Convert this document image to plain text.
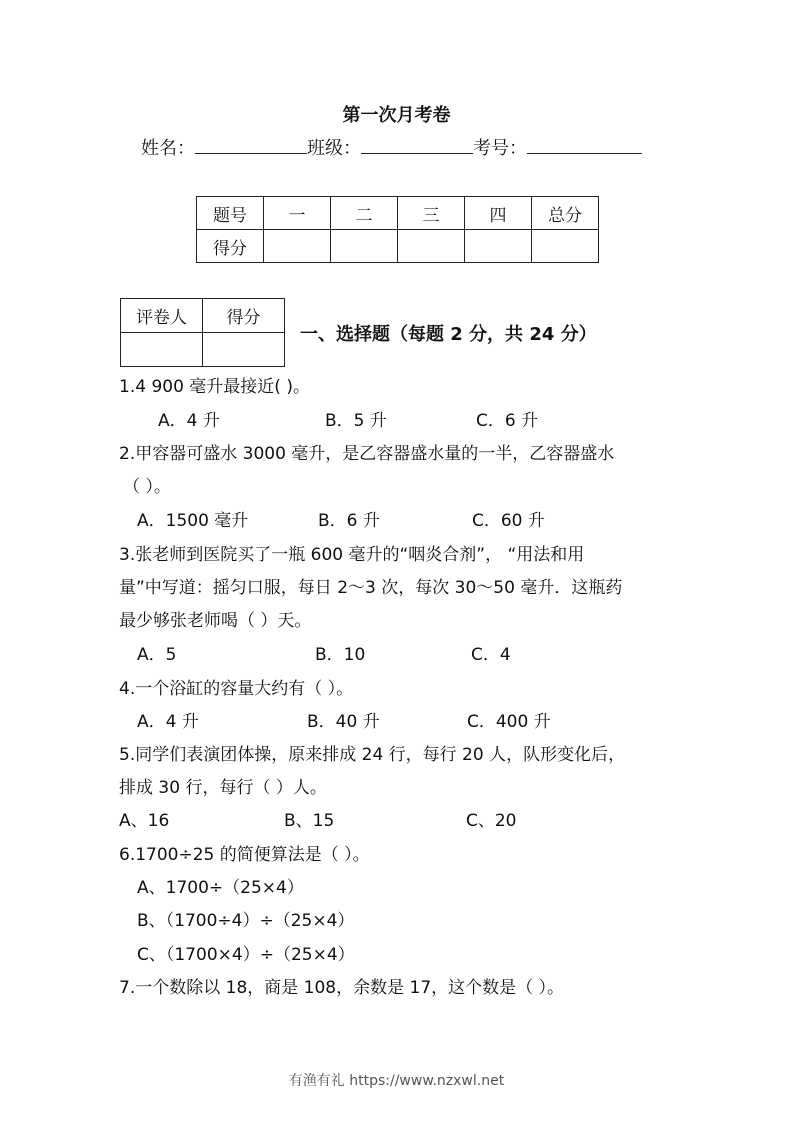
第一次月考卷
姓名：	班级：	考号：
题号	一	二	三	四	总分
得分					
评卷人	得分

一、选择题（每题 2 分，共 24 分）
1.4 900 毫升最接近( )。
A．4 升	B．5 升	C．6 升
2.甲容器可盛水 3000 毫升，是乙容器盛水量的一半，乙容器盛水
（ ）。
A．1500 毫升	B．6 升	C．60 升
3.张老师到医院买了一瓶 600 毫升的“咽炎合剂”， “用法和用
量”中写道：摇匀口服，每日 2～3 次，每次 30～50 毫升．这瓶药
最少够张老师喝（ ）天。
A．5	B．10	C．4
4.一个浴缸的容量大约有（ ）。
A．4 升	B．40 升	C．400 升
5.同学们表演团体操，原来排成 24 行，每行 20 人，队形变化后，
排成 30 行，每行（ ）人。
A、16	B、15	C、20
6.1700÷25 的简便算法是（ ）。
A、1700÷（25×4）
B、（1700÷4）÷（25×4）
C、（1700×4）÷（25×4）
7.一个数除以 18，商是 108，余数是 17，这个数是（ ）。
有渔有礼 https://www.nzxwl.net
